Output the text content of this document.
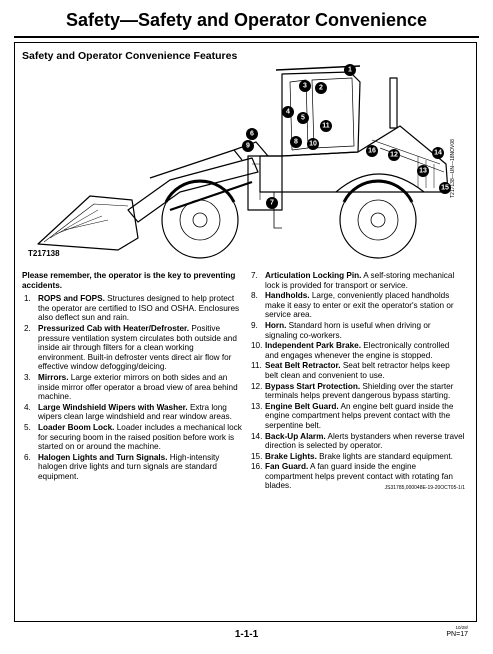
Safety—Safety and Operator Convenience
Safety and Operator Convenience Features
1
2
3
4
5
6
7
8
9	10
11
12
13
14
15
16
T217138
T217138—UN—18NOV08
Please remember, the operator is the key to preventing accidents.
1. ROPS and FOPS. Structures designed to help protect the operator are certified to ISO and OSHA. Enclosures also deflect sun and rain.
2. Pressurized Cab with Heater/Defroster. Positive pressure ventilation system circulates both outside and inside air through filters for a clean working environment. Built-in defroster vents direct air flow for effective window defogging/deicing.
3. Mirrors. Large exterior mirrors on both sides and an inside mirror offer operator a broad view of area behind machine.
4. Large Windshield Wipers with Washer. Extra long wipers clean large windshield and rear window areas.
5. Loader Boom Lock. Loader includes a mechanical lock for securing boom in the raised position before work is started on or around the machine.
6. Halogen Lights and Turn Signals. High-intensity halogen drive lights and turn signals are standard equipment.
7. Articulation Locking Pin. A self-storing mechanical lock is provided for transport or service.
8. Handholds. Large, conveniently placed handholds make it easy to enter or exit the operator's station or service area.
9. Horn. Standard horn is useful when driving or signaling co-workers.
10. Independent Park Brake. Electronically controlled and engages whenever the engine is stopped.
11. Seat Belt Retractor. Seat belt retractor helps keep belt clean and convenient to use.
12. Bypass Start Protection. Shielding over the starter terminals helps prevent dangerous bypass starting.
13. Engine Belt Guard. An engine belt guard inside the engine compartment helps prevent contact with the serpentine belt.
14. Back-Up Alarm. Alerts bystanders when reverse travel direction is selected by operator.
15. Brake Lights. Brake lights are standard equipment.
16. Fan Guard. A fan guard inside the engine compartment helps prevent contact with rotating fan blades.	JS31785,000048E-19-20OCT05-1/1
1-1-1
10/28/
PN=17
